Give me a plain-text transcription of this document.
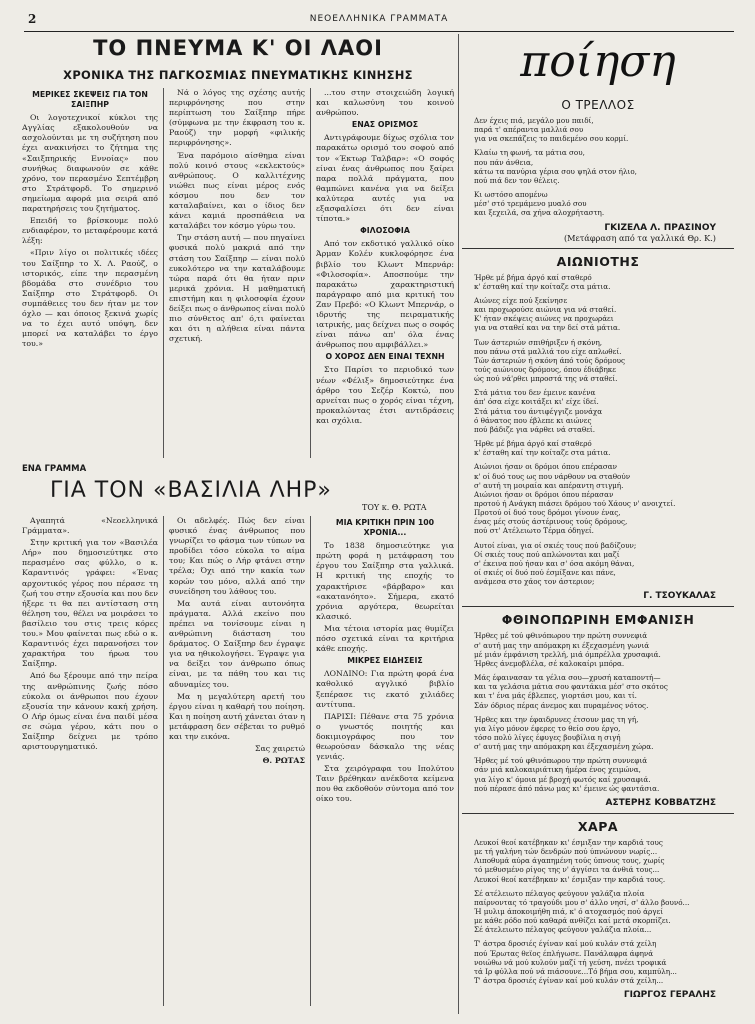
2	ΝΕΟΕΛΛΗΝΙΚΑ ΓΡΑΜΜΑΤΑ
ΤΟ ΠΝΕΥΜΑ Κ' ΟΙ ΛΑΟΙ
ΧΡΟΝΙΚΑ ΤΗΣ ΠΑΓΚΟΣΜΙΑΣ ΠΝΕΥΜΑΤΙΚΗΣ ΚΙΝΗΣΗΣ
ΜΕΡΙΚΕΣ ΣΚΕΨΕΙΣ ΓΙΑ ΤΟΝ ΣΑΙΞΠΗΡ

Οι λογοτεχνικοί κύκλοι της Αγγλίας εξακολουθούν να ασχολούνται με τη συζήτηση που έχει ανακινήσει το ζήτημα της «Σαιξπηρικής Εννοίας» που συνήθως διαφωνούν σε κάθε χρόνο, τον περασμένο Σεπτέμβρη στο Στράτφορδ. Το σημερινό σημείωμα αφορά μια σειρά από παρατηρήσεις του ζητήματος.

Επειδή το βρίσκουμε πολύ ενδιαφέρον, το μεταφέρουμε κατά λέξη:

«Πριν λίγο οι πολιτικές ιδέες του Σαίξπηρ το Χ. Λ. Ραούζ, ο ιστορικός, είπε την περασμένη βδομάδα στο συνέδριο του Σαίξπηρ στο Στράτφορδ. Οι συμπάθειες του δεν ήταν με τον όχλο — και όποιος ξεκινά χωρίς να το έχει αυτό υπόψη, δεν μπορεί να καταλάβει το έργο του.»

Νά ο λόγος της σχέσης αυτής περιφρόνησης που στην περίπτωση του Σαίξπηρ πήρε (σύμφωνα με την έκφραση του κ. Ραούζ) την μορφή «φιλικής περιφρόνησης».

Ένα παρόμοιο αίσθημα είναι πολύ κοινό στους «εκλεκτούς» ανθρώπους. Ο καλλιτέχνης νιώθει πως είναι μέρος ενός κόσμου που δεν τον καταλαβαίνει, και ο ίδιος δεν κάνει καμιά προσπάθεια να καταλάβει τον κόσμο γύρω του.

Την στάση αυτή — που πηγαίνει φυσικά πολύ μακριά από την στάση του Σαίξπηρ — είναι πολύ ευκολότερο να την καταλάβουμε τώρα παρά ότι θα ήταν πριν μερικά χρόνια. Η μαθηματική επιστήμη και η φιλοσοφία έχουν δείξει πως ο άνθρωπος είναι πολύ πιο σύνθετος απ' ό,τι φαίνεται και ότι η αλήθεια είναι πάντα σχετική.

...του στην στοιχειώδη λογική και καλωσύνη του κοινού ανθρώπου.

ΕΝΑΣ ΟΡΙΣΜΟΣ

Αντιγράφουμε δίχως σχόλια τον παρακάτω ορισμό του σοφού από τον «Έκτωρ Ταλβαρ»: «Ο σοφός είναι ένας άνθρωπος που ξαίρει παρα πολλά πράγματα, που θαμπώνει κανένα για να δείξει καλύτερα αυτές για να εξασφαλίσει ότι δεν είναι τίποτα.»

ΦΙΛΟΣΟΦΙΑ

Από τον εκδοτικό γαλλικό οίκο Άρμαν Κολέν κυκλοφόρησε ένα βιβλίο του Κλωντ Μπερνάρ: «Φιλοσοφία». Αποσπούμε την παρακάτω χαρακτηριστική παράγραφο από μια κριτική του Ζαν Πρεβό: «Ο Κλωντ Μπερνάρ, ο ιδρυτής της πειραματικής ιατρικής, μας δείχνει πως ο σοφός είναι πάνω απ' όλα ένας άνθρωπος που αμφιβάλλει.»

Ο ΧΟΡΟΣ ΔΕΝ ΕΙΝΑΙ ΤΕΧΝΗ

Στο Παρίσι το περιοδικό των νέων «Φέλιξ» δημοσιεύτηκε ένα άρθρο του Σεζέρ Κοκτώ, που αρνείται πως ο χορός είναι τέχνη, προκαλώντας έτσι αντιδράσεις και σχόλια.

ΕΝΑ ΓΡΑΜΜΑ
ΓΙΑ ΤΟΝ «ΒΑΣΙΛΙΑ ΛΗΡ»
ΤΟΥ κ. Θ. ΡΩΤΑ

Αγαπητά «Νεοελληνικά Γράμματα».

Στην κριτική για τον «Βασιλέα Λήρ» που δημοσιεύτηκε στο περασμένο σας φύλλο, ο κ. Καραντινός γράφει: «Ένας αρχοντικός γέρος που πέρασε τη ζωή του στην εξουσία και που δεν ήξερε τι θα πει αντίσταση στη θέληση του, θέλει να μοιράσει το βασίλειο του στις τρεις κόρες του.» Μου φαίνεται πως εδώ ο κ. Καραντινός έχει παρανοήσει τον χαρακτήρα του ήρωα του Σαίξπηρ.

Από δω ξέρουμε από την πείρα της ανθρώπινης ζωής πόσο εύκολα οι άνθρωποι που έχουν εξουσία την κάνουν κακή χρήση. Ο Λήρ όμως είναι ένα παιδί μέσα σε σώμα γέρου, κάτι που ο Σαίξπηρ δείχνει με τρόπο αριστουργηματικό.

Οι αδελφές. Πώς δεν είναι φυσικό ένας άνθρωπος που γνωρίζει το φάσμα των τύπων να προδίδει τόσο εύκολα το αίμα του; Και πώς ο Λήρ φτάνει στην τρέλα; Όχι από την κακία των κορών του μόνο, αλλά από την συνείδηση του λάθους του.

Μα αυτά είναι αυτονόητα πράγματα. Αλλά εκείνο που πρέπει να τονίσουμε είναι η ανθρώπινη διάσταση του δράματος. Ο Σαίξπηρ δεν έγραψε για να ηθικολογήσει. Έγραψε για να δείξει τον άνθρωπο όπως είναι, με τα πάθη του και τις αδυναμίες του.

Μα η μεγαλύτερη αρετή του έργου είναι η καθαρή του ποίηση. Και η ποίηση αυτή χάνεται όταν η μετάφραση δεν σέβεται το ρυθμό και την εικόνα.

Σας χαιρετώ

Θ. ΡΩΤΑΣ

ΜΙΑ ΚΡΙΤΙΚΗ ΠΡΙΝ 100 ΧΡΟΝΙΑ...

Το 1838 δημοσιεύτηκε για πρώτη φορά η μετάφραση του έργου του Σαίξπηρ στα γαλλικά. Η κριτική της εποχής το χαρακτήρισε «βάρβαρο» και «ακατανόητο». Σήμερα, εκατό χρόνια αργότερα, θεωρείται κλασικό.

Μια τέτοια ιστορία μας θυμίζει πόσο σχετικά είναι τα κριτήρια κάθε εποχής.

ΜΙΚΡΕΣ ΕΙΔΗΣΕΙΣ

ΛΟΝΔΙΝΟ: Για πρώτη φορά ένα καθολικό αγγλικό βιβλίο ξεπέρασε τις εκατό χιλιάδες αντίτυπα.

ΠΑΡΙΣΙ: Πέθανε στα 75 χρόνια ο γνωστός ποιητής και δοκιμιογράφος που τον θεωρούσαν δάσκαλο της νέας γενιάς.

Στα χειρόγραφα του Ιπολύτου Ταιν βρέθηκαν ανέκδοτα κείμενα που θα εκδοθούν σύντομα από τον οίκο του.

ποίηση
Ο ΤΡΕΛΛΟΣ
Δεν έχεις πιά, μεγάλο μου παιδί,
παρά τ' απέραντα μαλλιά σου
για να σκεπάζεις το παιδεμένο σου κορμί.
Κλαίω τη φωνή, τα μάτια σου,
που πάν άνθεια,
κάτω τα πανύρια γέρια σου ψηλά στον ήλιο,
πού πιά δεν τον θέλεις.
Κι ωστόσο απομένω
μέσ' στό τρεμάμενο μυαλό σου
και ξεχειλά, σα χήνα αλοχρήταστη.
ΓΚΙΖΕΛΑ Λ. ΠΡΑΣΙΝΟΥ
(Μετάφραση από τα γαλλικά Θρ. Κ.)
ΑΙΩΝΙΟΤΗΣ
Ήρθε μέ βήμα άργό καί σταθερό
κ' έσταθη καί την κοίταζε στα μάτια.
Αιώνες είχε πού ξεκίνησε
και προχωρούσε αιώνια για νά σταθεί.
Κ' ήταν σκέψεις αιώνες να προχωράει
για να σταθεί και να την δεί στά μάτια.
Των άστεριών σπιθήριξεν ή σκόνη,
που πάνω στά μαλλιά του είχε απλωθεί.
Τών άστεριών ή σκόνη άπό τούς δρόμους
τούς αιώνιους δρόμους, όπου έδιάβηκε
ώς πού νά'ρθει μπροστά της νά σταθεί.
Στά μάτια του δεν έμεινε κανένα
άπ' όσα είχε κοιτάξει κι' είχε ίδεί.
Στά μάτια του άντιφέγγιζε μονάχα
ό θάνατος που έβλεπε κι αιώνες
πού βάδιζε για νάρθει νά σταθεί.
Ήρθε μέ βήμα άργό καί σταθερό
κ' έσταθη καί την κοίταζε στα μάτια.
Αιώνιοι ήσαν οι δρόμοι όπου επέρασαν
κ' οί δυό τους ως που νάρθουν να σταθούν
σ' αυτή τη μοιραία και απέραντη στιγμή.
Αιώνιοι ήσαν οι δρόμοι όπου πέρασαν
προτού ή Ανάγκη πιάσει δρόμου τού Χάους ν' ανοιχτεί.
Προτού οί δυό τους δρόμοι γίνουν ένας,
ένας μές στούς άστέρινους τούς δρόμους,
πού στ' Ατέλειωτο Τέρμα όδηγεί.
Αυτοί είναι, για οί σκιές τους πού βαδίζουν;
Οί σκιές τους πού απλώνονται και μαζί
σ' έκεινα πού ήσαν και σ' όσα ακόμη θάναι,
οί σκιές οί δυό πού έσμίξανε και πάνε,
ανάμεσα στο χάος τον άστεριον;
Γ. ΤΣΟΥΚΑΛΑΣ
ΦΘΙΝΟΠΩΡΙΝΗ ΕΜΦΑΝΙΣΗ
Ήρθες μέ τού φθινόπωρου την πρώτη συννεφιά
σ' αυτή μας την απόμακρη κι έξεχασμένη γωνιά
μέ μιάν έμφάνιση τρελλή, μιά όμπρέλλα χρυσαφιά.
Ήρθες άνεμοβλέλα, σέ καλοκαίρι μπόρα.
Μάς έφαινασαν τα γέλια σου—χρυσή καταποντή—
και τα γελάσια μάτια σου φαντάκια μέσ' στο σκότος
και τ' ένα μάς έβλεπες, γιορτάσι μου, και τί.
Σάν όδριος πέρας άνεμος και πυραμένος νότος.
Ήρθες και την έφαιδρυνες έτσουν μας τη γή,
για λίγο μόνον έφερες το θείο σου έργο,
τόσο πολύ λίγες έφυγες βουβίλια η σιγή
σ' αυτή μας την απόμακρη και έξεχασμένη χώρα.
Ήρθες μέ τού φθινόπωρου την πρώτη συννεφιά
σάν μιά καλοκαιριάτικη ήμέρα ένος χειμώνα,
για λίγο κ' όμοια μέ βροχή φωτός καί χρυσαφιά.
πού πέρασε άπό πάνω μας κι' έμεινε ώς φαντάσια.
ΑΣΤΕΡΗΣ ΚΟΒΒΑΤΖΗΣ
ΧΑΡΑ
Λευκοί θεοί κατέβηκαν κι' έσμιξαν την καρδιά τους
με τή γαλήνη τών δενδρών πού ύπνώνουν νωρίς...
Λιποθυμά αύρα άγαπημένη τούς ύπνους τους, χωρίς
τό μεθυσμένο ρίγος της ν' άγγίσει τα άνθιά τους...
Λευκοί θεοί κατέβηκαν κι' έσμιξαν την καρδιά τους.
Σέ ατέλειωτο πέλαγος φεύγουν γαλάζια πλοία
παίρνοντας τό τραγούδι μου σ' άλλο νησί, σ' άλλο βουνό...
Ή μυλιμ άποκοιμήθη πιά, κ' ό ατοχασμός πού άργεί
με κάθε ρόδο πού καθαρά ανθίζει καί μετά σκορπίζει.
Σέ άτελειωτο πέλαγος φεύγουν γαλάζια πλοία...
Τ' άστρα δροσιές έγίναν καί μού κυλάν στά χείλη
πού Έρωτας θεϊος έπλήγωσε. Πανάλαφρα άφηνά
νοιώθω νά μού κυλούν μαζί τή γεύση, πνέει τροφικά
τά Ιρ φύλλα πού νά πιάσουνε...Τό βήμα σου, καμπύλη...
Τ' άστρα δροσιές έγίναν καί μού κυλάν στά χείλη...
ΓΙΩΡΓΟΣ ΓΕΡΑΛΗΣ
